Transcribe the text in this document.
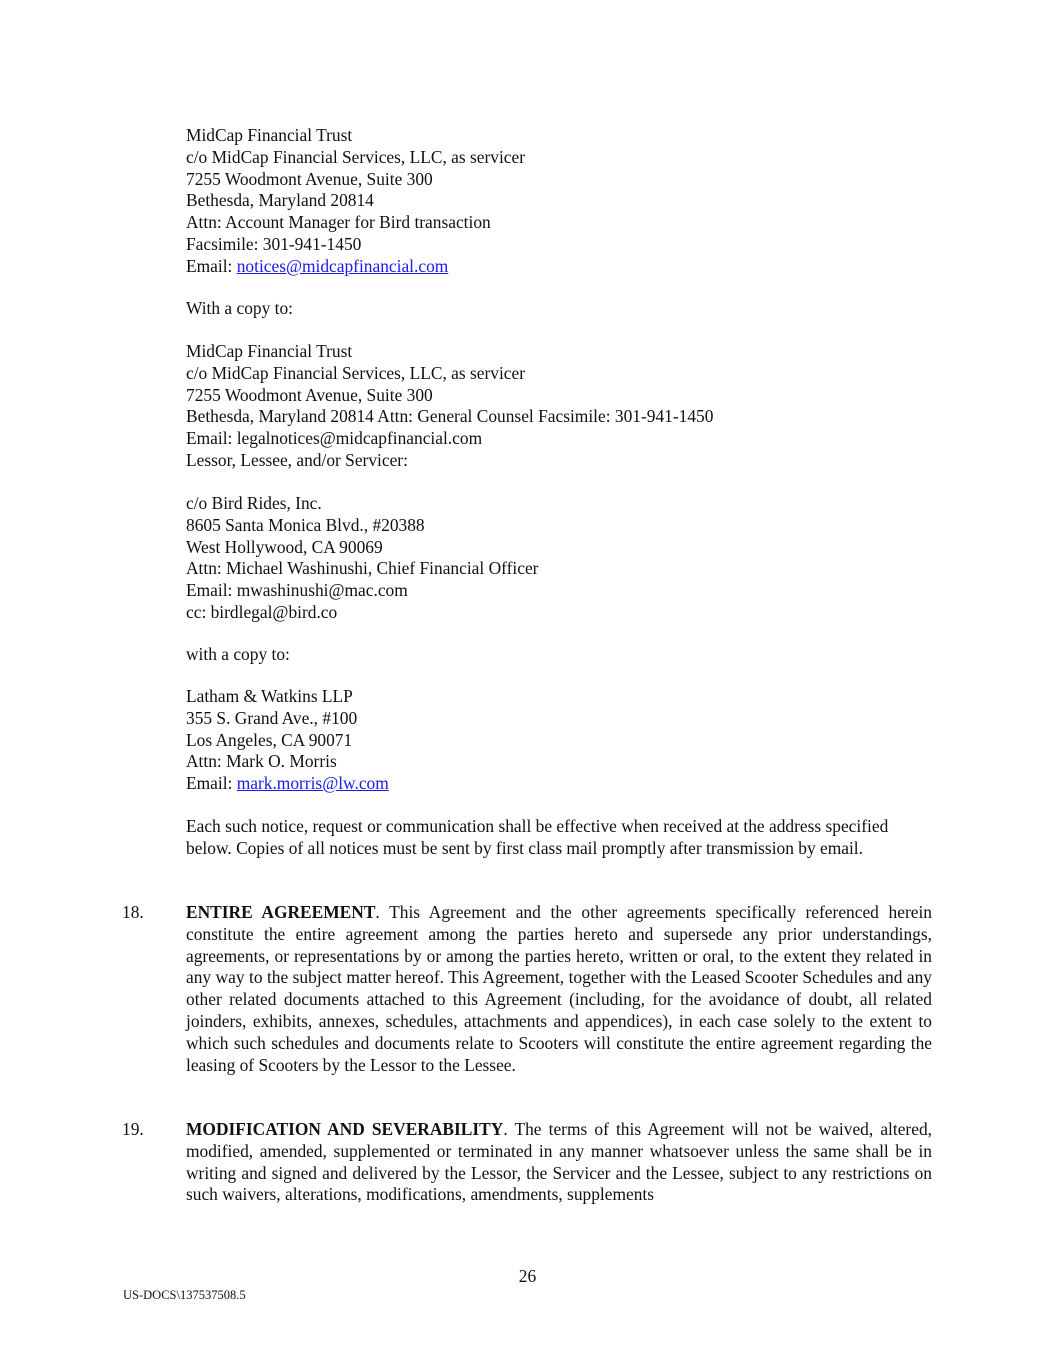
MidCap Financial Trust
c/o MidCap Financial Services, LLC, as servicer
7255 Woodmont Avenue, Suite 300
Bethesda, Maryland 20814
Attn: Account Manager for Bird transaction
Facsimile: 301-941-1450
Email: notices@midcapfinancial.com
With a copy to:
MidCap Financial Trust
c/o MidCap Financial Services, LLC, as servicer
7255 Woodmont Avenue, Suite 300
Bethesda, Maryland 20814 Attn: General Counsel Facsimile: 301-941-1450
Email: legalnotices@midcapfinancial.com
Lessor, Lessee, and/or Servicer:
c/o Bird Rides, Inc.
8605 Santa Monica Blvd., #20388
West Hollywood, CA 90069
Attn: Michael Washinushi, Chief Financial Officer
Email: mwashinushi@mac.com
cc: birdlegal@bird.co
with a copy to:
Latham & Watkins LLP
355 S. Grand Ave., #100
Los Angeles, CA 90071
Attn: Mark O. Morris
Email: mark.morris@lw.com
Each such notice, request or communication shall be effective when received at the address specified below. Copies of all notices must be sent by first class mail promptly after transmission by email.
18.	ENTIRE AGREEMENT. This Agreement and the other agreements specifically referenced herein constitute the entire agreement among the parties hereto and supersede any prior understandings, agreements, or representations by or among the parties hereto, written or oral, to the extent they related in any way to the subject matter hereof. This Agreement, together with the Leased Scooter Schedules and any other related documents attached to this Agreement (including, for the avoidance of doubt, all related joinders, exhibits, annexes, schedules, attachments and appendices), in each case solely to the extent to which such schedules and documents relate to Scooters will constitute the entire agreement regarding the leasing of Scooters by the Lessor to the Lessee.
19.	MODIFICATION AND SEVERABILITY. The terms of this Agreement will not be waived, altered, modified, amended, supplemented or terminated in any manner whatsoever unless the same shall be in writing and signed and delivered by the Lessor, the Servicer and the Lessee, subject to any restrictions on such waivers, alterations, modifications, amendments, supplements
26
US-DOCS\137537508.5
